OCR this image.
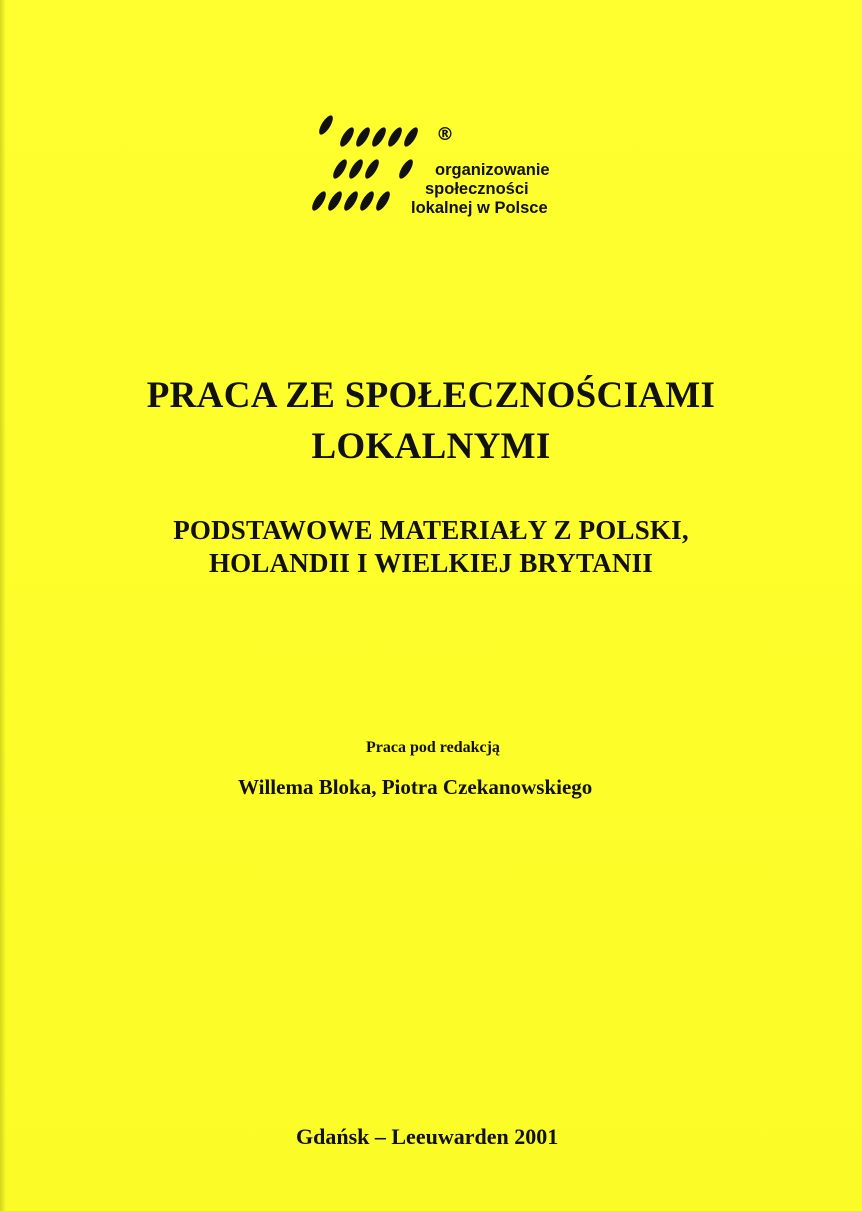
®
organizowanie
społeczności
lokalnej w Polsce
PRACA ZE SPOŁECZNOŚCIAMI
LOKALNYMI
PODSTAWOWE MATERIAŁY Z POLSKI,
HOLANDII I WIELKIEJ BRYTANII
Praca pod redakcją
Willema Bloka, Piotra Czekanowskiego
Gdańsk – Leeuwarden 2001
